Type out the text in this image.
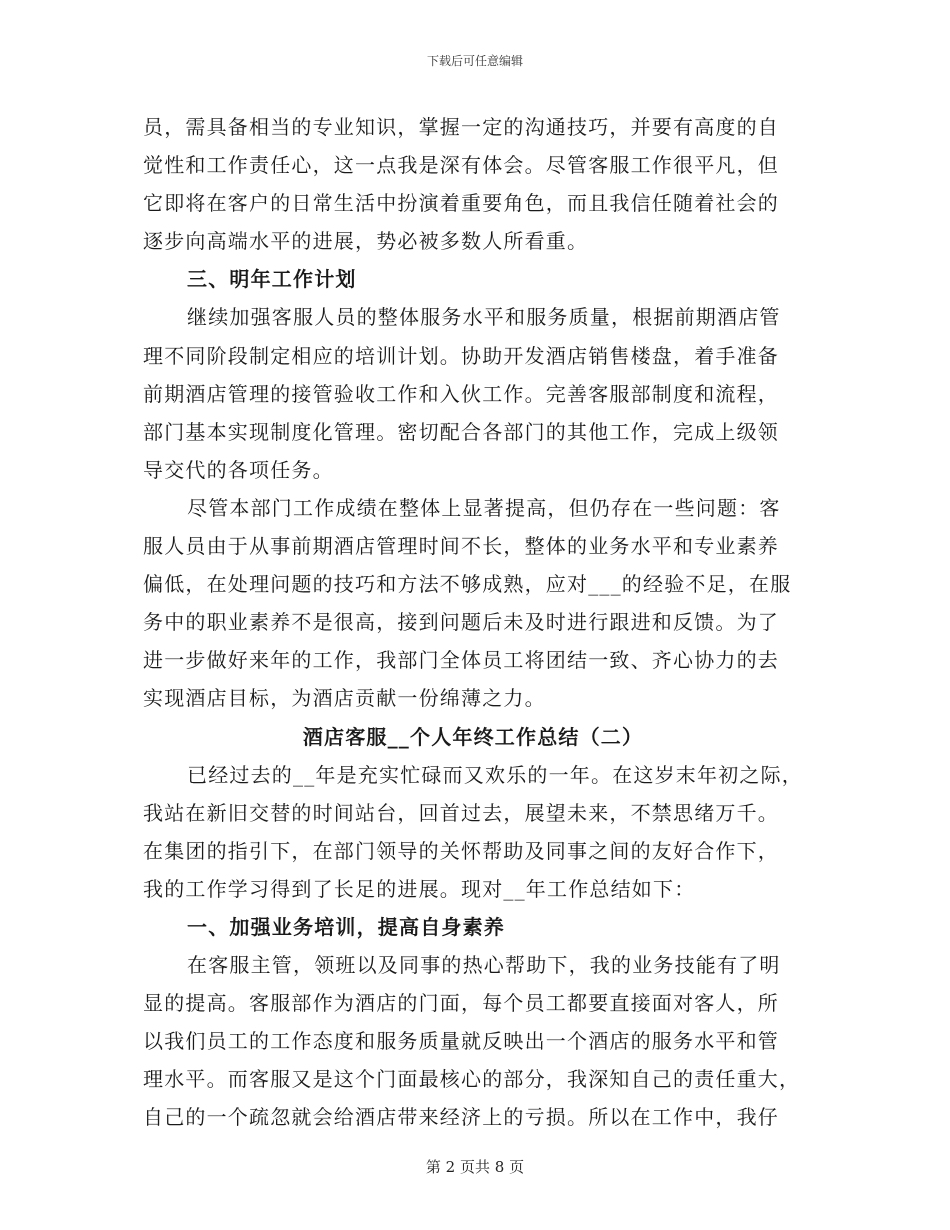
下载后可任意编辑
员，需具备相当的专业知识，掌握一定的沟通技巧，并要有高度的自
觉性和工作责任心，这一点我是深有体会。尽管客服工作很平凡，但
它即将在客户的日常生活中扮演着重要角色，而且我信任随着社会的
逐步向高端水平的进展，势必被多数人所看重。
三、明年工作计划
继续加强客服人员的整体服务水平和服务质量，根据前期酒店管
理不同阶段制定相应的培训计划。协助开发酒店销售楼盘，着手准备
前期酒店管理的接管验收工作和入伙工作。完善客服部制度和流程，
部门基本实现制度化管理。密切配合各部门的其他工作，完成上级领
导交代的各项任务。
尽管本部门工作成绩在整体上显著提高，但仍存在一些问题：客
服人员由于从事前期酒店管理时间不长，整体的业务水平和专业素养
偏低，在处理问题的技巧和方法不够成熟，应对___的经验不足，在服
务中的职业素养不是很高，接到问题后未及时进行跟进和反馈。为了
进一步做好来年的工作，我部门全体员工将团结一致、齐心协力的去
实现酒店目标，为酒店贡献一份绵薄之力。
酒店客服__个人年终工作总结（二）
已经过去的__年是充实忙碌而又欢乐的一年。在这岁末年初之际，
我站在新旧交替的时间站台，回首过去，展望未来，不禁思绪万千。
在集团的指引下，在部门领导的关怀帮助及同事之间的友好合作下，
我的工作学习得到了长足的进展。现对__年工作总结如下：
一、加强业务培训，提高自身素养
在客服主管，领班以及同事的热心帮助下，我的业务技能有了明
显的提高。客服部作为酒店的门面，每个员工都要直接面对客人，所
以我们员工的工作态度和服务质量就反映出一个酒店的服务水平和管
理水平。而客服又是这个门面最核心的部分，我深知自己的责任重大，
自己的一个疏忽就会给酒店带来经济上的亏损。所以在工作中，我仔
第 2 页共 8 页
